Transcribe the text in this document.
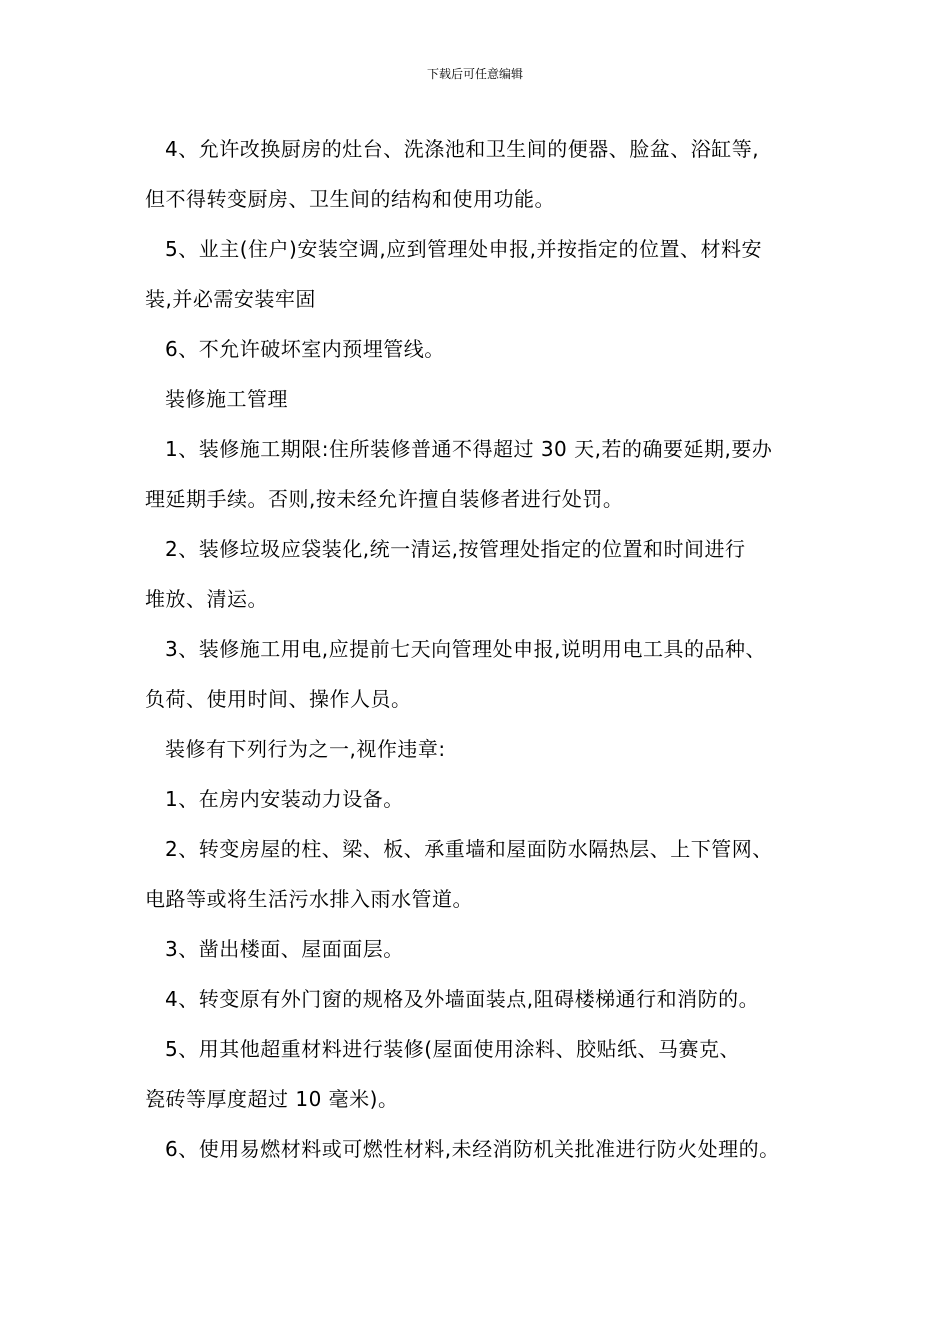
下载后可任意编辑
4、允许改换厨房的灶台、洗涤池和卫生间的便器、脸盆、浴缸等,
但不得转变厨房、卫生间的结构和使用功能。
5、业主(住户)安装空调,应到管理处申报,并按指定的位置、材料安
装,并必需安装牢固
6、不允许破坏室内预埋管线。
装修施工管理
1、装修施工期限:住所装修普通不得超过 30 天,若的确要延期,要办
理延期手续。否则,按未经允许擅自装修者进行处罚。
2、装修垃圾应袋装化,统一清运,按管理处指定的位置和时间进行
堆放、清运。
3、装修施工用电,应提前七天向管理处申报,说明用电工具的品种、
负荷、使用时间、操作人员。
装修有下列行为之一,视作违章:
1、在房内安装动力设备。
2、转变房屋的柱、梁、板、承重墙和屋面防水隔热层、上下管网、
电路等或将生活污水排入雨水管道。
3、凿出楼面、屋面面层。
4、转变原有外门窗的规格及外墙面装点,阻碍楼梯通行和消防的。
5、用其他超重材料进行装修(屋面使用涂料、胶贴纸、马赛克、
瓷砖等厚度超过 10 毫米)。
6、使用易燃材料或可燃性材料,未经消防机关批准进行防火处理的。
